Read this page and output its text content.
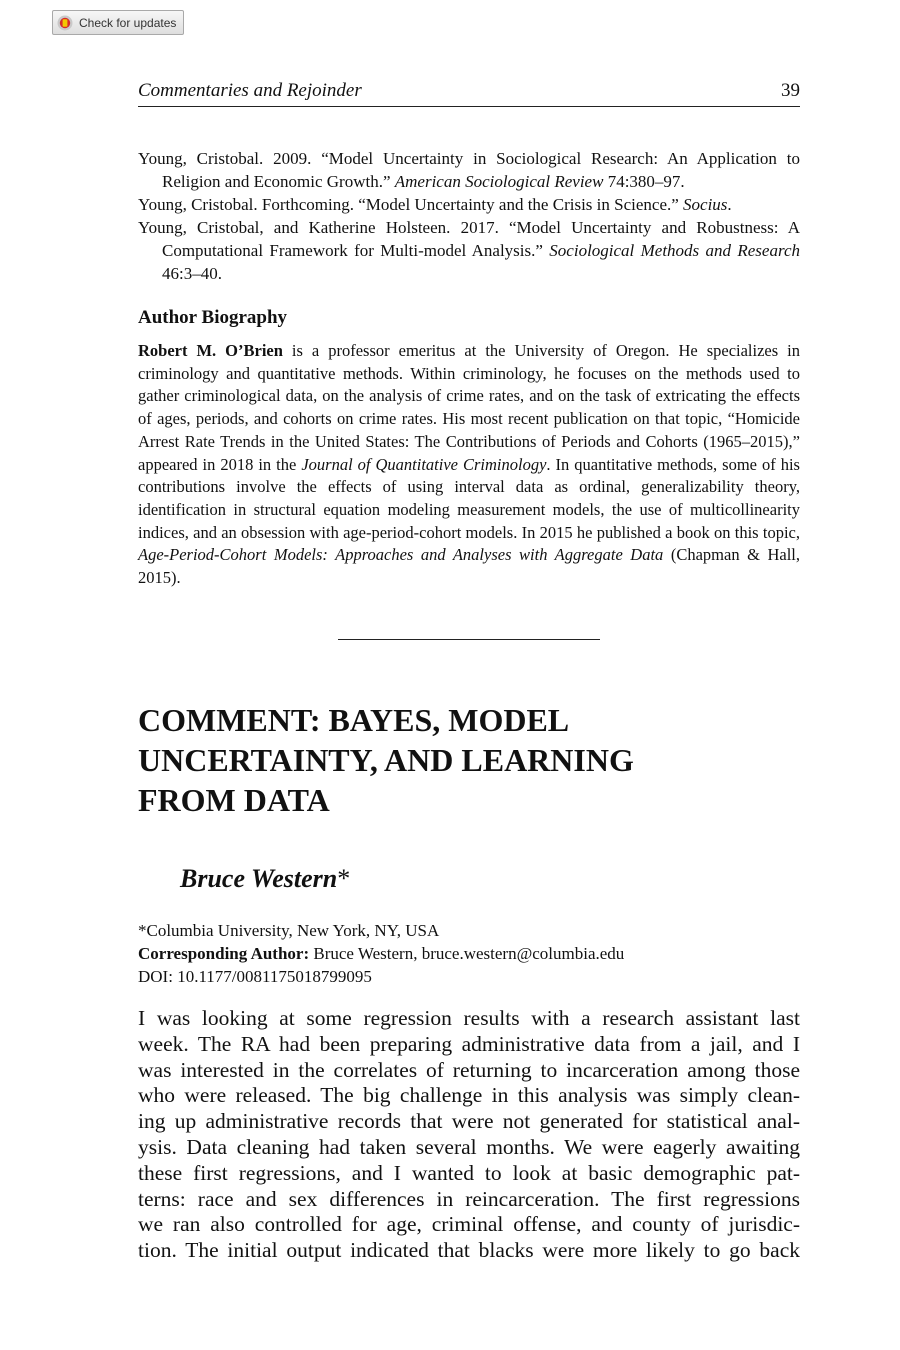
Check for updates
Commentaries and Rejoinder	39
Young, Cristobal. 2009. “Model Uncertainty in Sociological Research: An Application to Religion and Economic Growth.” American Sociological Review 74:380–97.
Young, Cristobal. Forthcoming. “Model Uncertainty and the Crisis in Science.” Socius.
Young, Cristobal, and Katherine Holsteen. 2017. “Model Uncertainty and Robustness: A Computational Framework for Multi-model Analysis.” Sociological Methods and Research 46:3–40.
Author Biography

Robert M. O’Brien is a professor emeritus at the University of Oregon. He specializes in criminology and quantitative methods. Within criminology, he focuses on the methods used to gather criminological data, on the analysis of crime rates, and on the task of extricating the effects of ages, periods, and cohorts on crime rates. His most recent publication on that topic, “Homicide Arrest Rate Trends in the United States: The Contributions of Periods and Cohorts (1965–2015),” appeared in 2018 in the Journal of Quantitative Criminology. In quantitative methods, some of his contributions involve the effects of using interval data as ordinal, generalizability theory, identification in structural equation modeling measurement models, the use of multicollinearity indices, and an obsession with age-period-cohort models. In 2015 he published a book on this topic, Age-Period-Cohort Models: Approaches and Analyses with Aggregate Data (Chapman & Hall, 2015).

COMMENT: BAYES, MODEL
UNCERTAINTY, AND LEARNING
FROM DATA
Bruce Western*
*Columbia University, New York, NY, USA
Corresponding Author: Bruce Western, bruce.western@columbia.edu
DOI: 10.1177/0081175018799095

I was looking at some regression results with a research assistant last
week. The RA had been preparing administrative data from a jail, and I
was interested in the correlates of returning to incarceration among those
who were released. The big challenge in this analysis was simply clean-
ing up administrative records that were not generated for statistical anal-
ysis. Data cleaning had taken several months. We were eagerly awaiting
these first regressions, and I wanted to look at basic demographic pat-
terns: race and sex differences in reincarceration. The first regressions
we ran also controlled for age, criminal offense, and county of jurisdic-
tion. The initial output indicated that blacks were more likely to go back
